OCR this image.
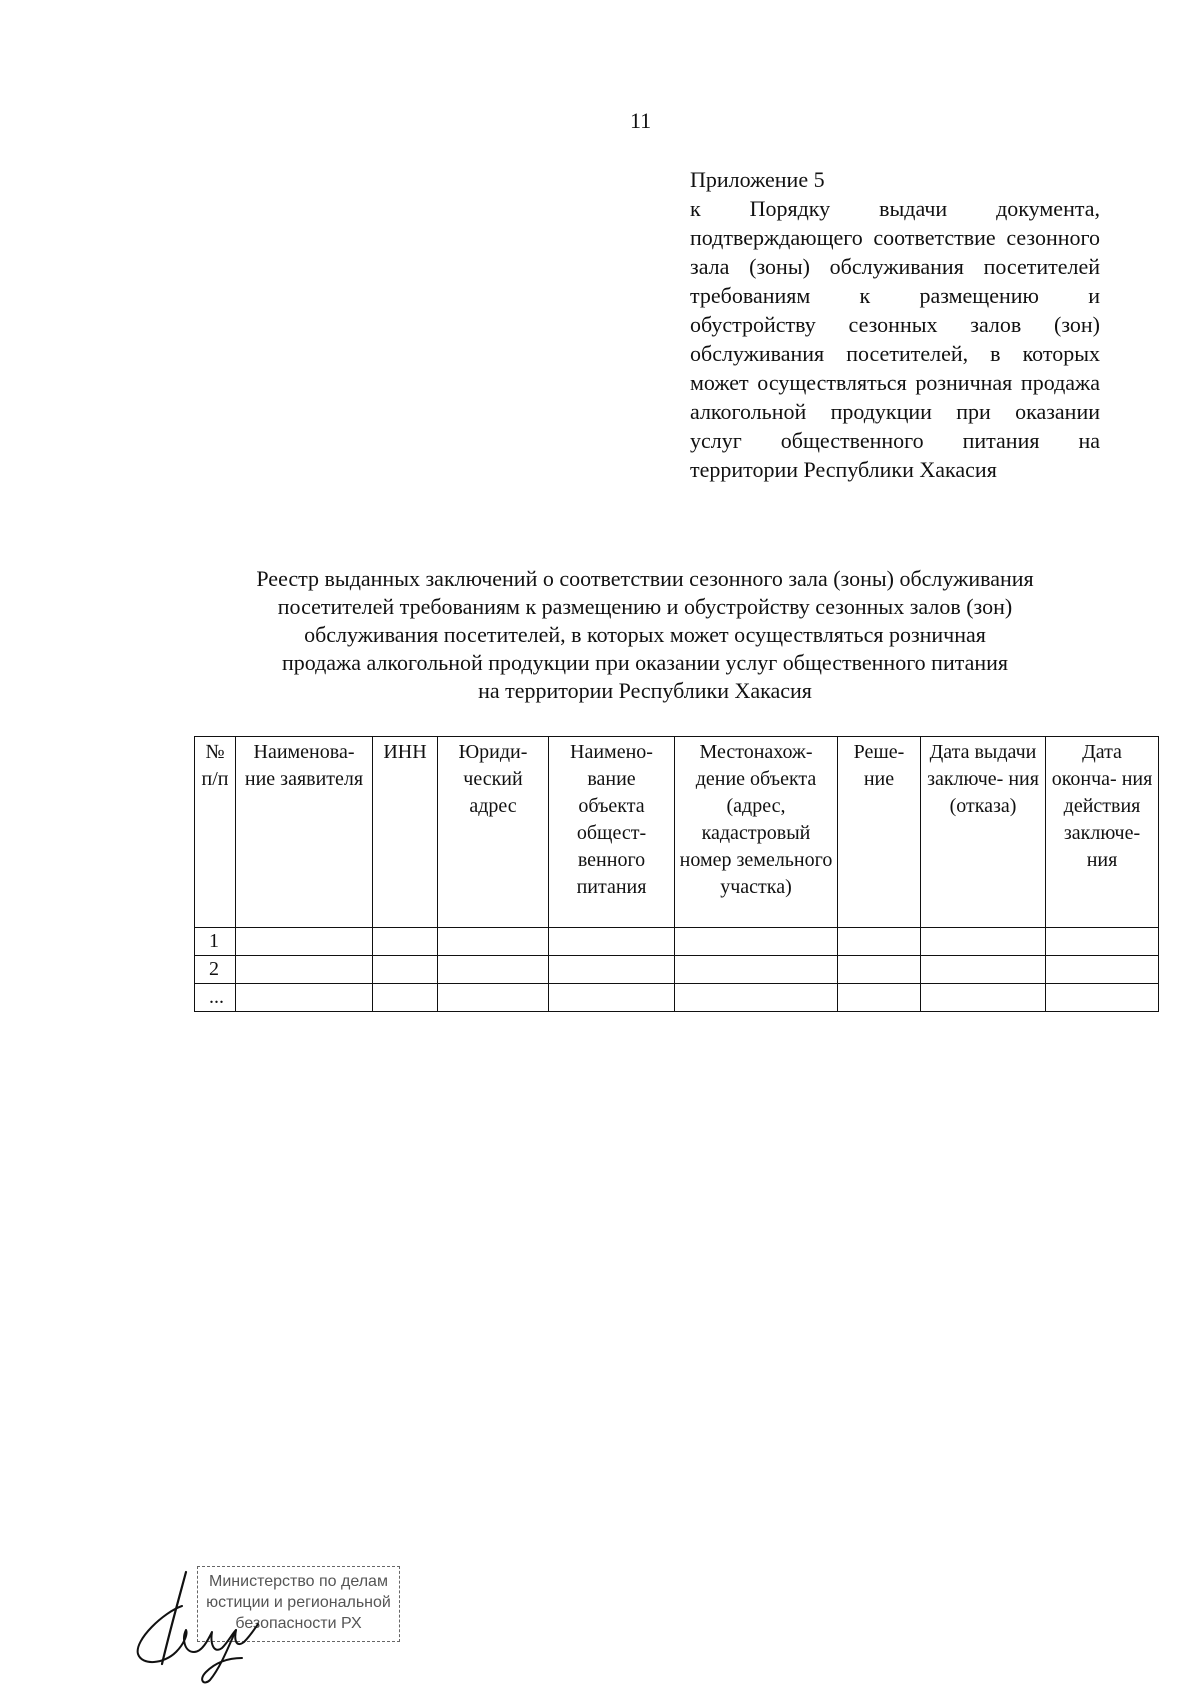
11
Приложение 5
к Порядку выдачи документа, подтверждающего соответствие сезонного зала (зоны) обслуживания посетителей требованиям к размещению и обустройству сезонных залов (зон) обслуживания посетителей, в которых может осуществляться розничная продажа алкогольной продукции при оказании услуг общественного питания на территории Республики Хакасия
Реестр выданных заключений о соответствии сезонного зала (зоны) обслуживания
посетителей требованиям к размещению и обустройству сезонных залов (зон)
обслуживания посетителей, в которых может осуществляться розничная
продажа алкогольной продукции при оказании услуг общественного питания
на территории Республики Хакасия
№ п/п	Наименова- ние заявителя	ИНН	Юриди- ческий адрес	Наимено- вание объекта общест- венного питания	Местонахож- дение объекта (адрес, кадастровый номер земельного участка)	Реше- ние	Дата выдачи заключе- ния (отказа)	Дата оконча- ния действия заключе- ния
1								
2								
...								
Министерство по делам
юстиции и региональной
безопасности РХ
